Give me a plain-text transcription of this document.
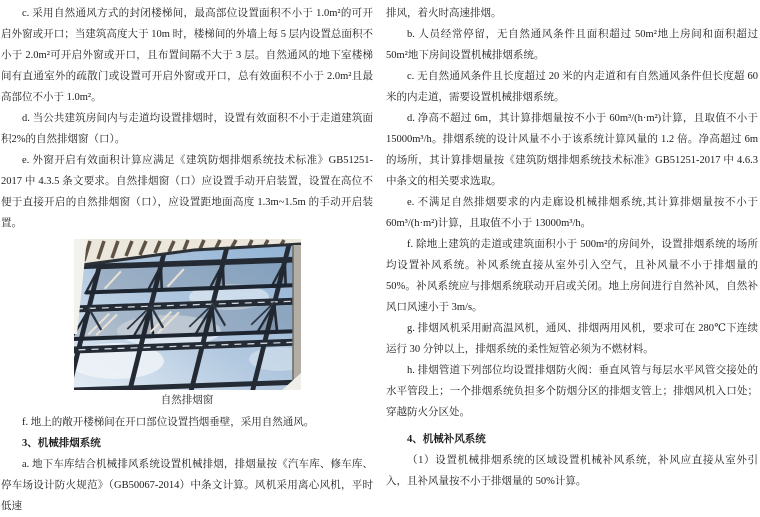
c. 采用自然通风方式的封闭楼梯间，最高部位设置面积不小于 1.0m²的可开启外窗或开口；当建筑高度大于 10m 时，楼梯间的外墙上每 5 层内设置总面积不小于 2.0m²可开启外窗或开口，且布置间隔不大于 3 层。自然通风的地下室楼梯间有直通室外的疏散门或设置可开启外窗或开口，总有效面积不小于 2.0m²且最高部位不小于 1.0m²。

d. 当公共建筑房间内与走道均设置排烟时，设置有效面积不小于走道建筑面积2%的自然排烟窗（口）。

e. 外窗开启有效面积计算应满足《建筑防烟排烟系统技术标准》GB51251-2017 中 4.3.5 条文要求。自然排烟窗（口）应设置手动开启装置，设置在高位不便于直接开启的自然排烟窗（口），应设置距地面高度 1.3m~1.5m 的手动开启装置。

自然排烟窗

f. 地上的敞开楼梯间在开口部位设置挡烟垂壁，采用自然通风。

3、机械排烟系统

a. 地下车库结合机械排风系统设置机械排烟，排烟量按《汽车库、修车库、停车场设计防火规范》（GB50067-2014）中条文计算。风机采用离心风机，平时低速

排风，着火时高速排烟。

b. 人员经常停留，无自然通风条件且面积超过 50m²地上房间和面积超过 50m²地下房间设置机械排烟系统。

c. 无自然通风条件且长度超过 20 米的内走道和有自然通风条件但长度超 60 米的内走道，需要设置机械排烟系统。

d. 净高不超过 6m，其计算排烟量按不小于 60m³/(h·m²)计算，且取值不小于 15000m³/h。排烟系统的设计风量不小于该系统计算风量的 1.2 倍。净高超过 6m 的场所，其计算排烟量按《建筑防烟排烟系统技术标准》GB51251-2017 中 4.6.3 中条文的相关要求选取。

e. 不满足自然排烟要求的内走廊设机械排烟系统,其计算排烟量按不小于 60m³/(h·m²)计算，且取值不小于 13000m³/h。

f. 除地上建筑的走道或建筑面积小于 500m²的房间外，设置排烟系统的场所均设置补风系统。补风系统直接从室外引入空气，且补风量不小于排烟量的 50%。补风系统应与排烟系统联动开启或关闭。地上房间进行自然补风，自然补风口风速小于 3m/s。

g. 排烟风机采用耐高温风机，通风、排烟两用风机，要求可在 280℃下连续运行 30 分钟以上，排烟系统的柔性短管必须为不燃材料。

h. 排烟管道下列部位均设置排烟防火阀：垂直风管与每层水平风管交接处的水平管段上；一个排烟系统负担多个防烟分区的排烟支管上；排烟风机入口处；穿越防火分区处。

4、机械补风系统

（1）设置机械排烟系统的区域设置机械补风系统，补风应直接从室外引入，且补风量按不小于排烟量的 50%计算。
